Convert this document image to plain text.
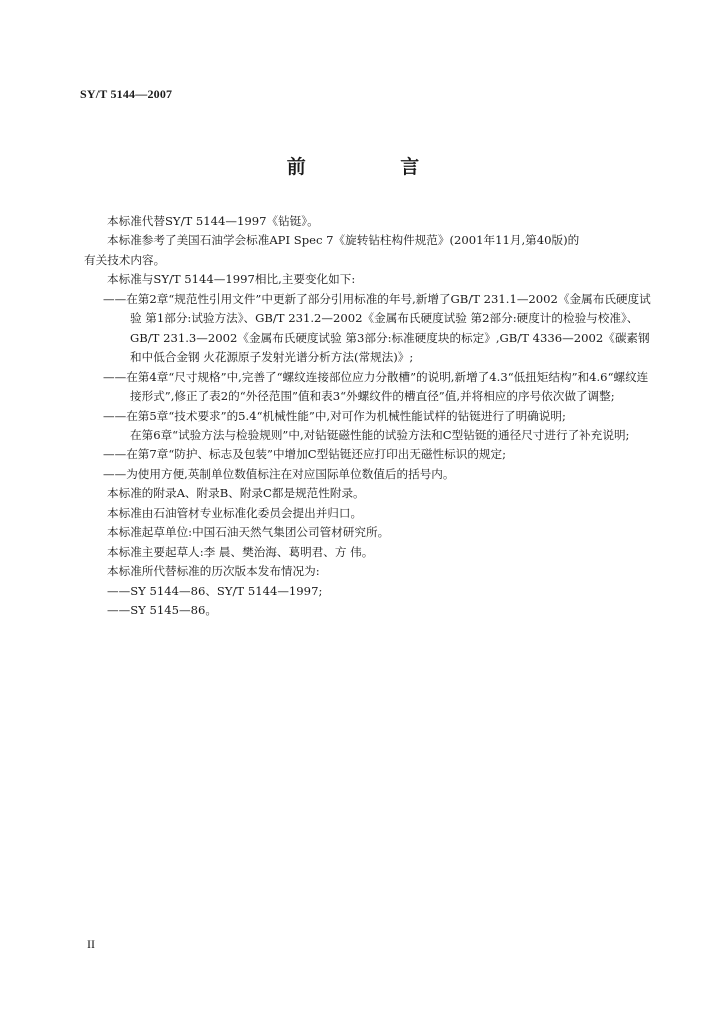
SY/T 5144—2007
前 言

本标准代替SY/T 5144—1997《钻铤》。

本标准参考了美国石油学会标准API Spec 7《旋转钻柱构件规范》(2001年11月,第40版)的

有关技术内容。

本标准与SY/T 5144—1997相比,主要变化如下:

——在第2章“规范性引用文件”中更新了部分引用标准的年号,新增了GB/T 231.1—2002《金属布氏硬度试验 第1部分:试验方法》、GB/T 231.2—2002《金属布氏硬度试验 第2部分:硬度计的检验与校准》、GB/T 231.3—2002《金属布氏硬度试验 第3部分:标准硬度块的标定》,GB/T 4336—2002《碳素钢和中低合金钢 火花源原子发射光谱分析方法(常规法)》;

——在第4章“尺寸规格”中,完善了“螺纹连接部位应力分散槽”的说明,新增了4.3“低扭矩结构”和4.6“螺纹连接形式”,修正了表2的“外径范围”值和表3“外螺纹件的槽直径”值,并将相应的序号依次做了调整;

——在第5章“技术要求”的5.4“机械性能”中,对可作为机械性能试样的钻铤进行了明确说明;

在第6章“试验方法与检验规则”中,对钻铤磁性能的试验方法和C型钻铤的通径尺寸进行了补充说明;

——在第7章“防护、标志及包装”中增加C型钻铤还应打印出无磁性标识的规定;

——为使用方便,英制单位数值标注在对应国际单位数值后的括号内。

本标准的附录A、附录B、附录C都是规范性附录。

本标准由石油管材专业标准化委员会提出并归口。

本标准起草单位:中国石油天然气集团公司管材研究所。

本标准主要起草人:李 晨、樊治海、葛明君、方 伟。

本标准所代替标准的历次版本发布情况为:

——SY 5144—86、SY/T 5144—1997;

——SY 5145—86。

II
